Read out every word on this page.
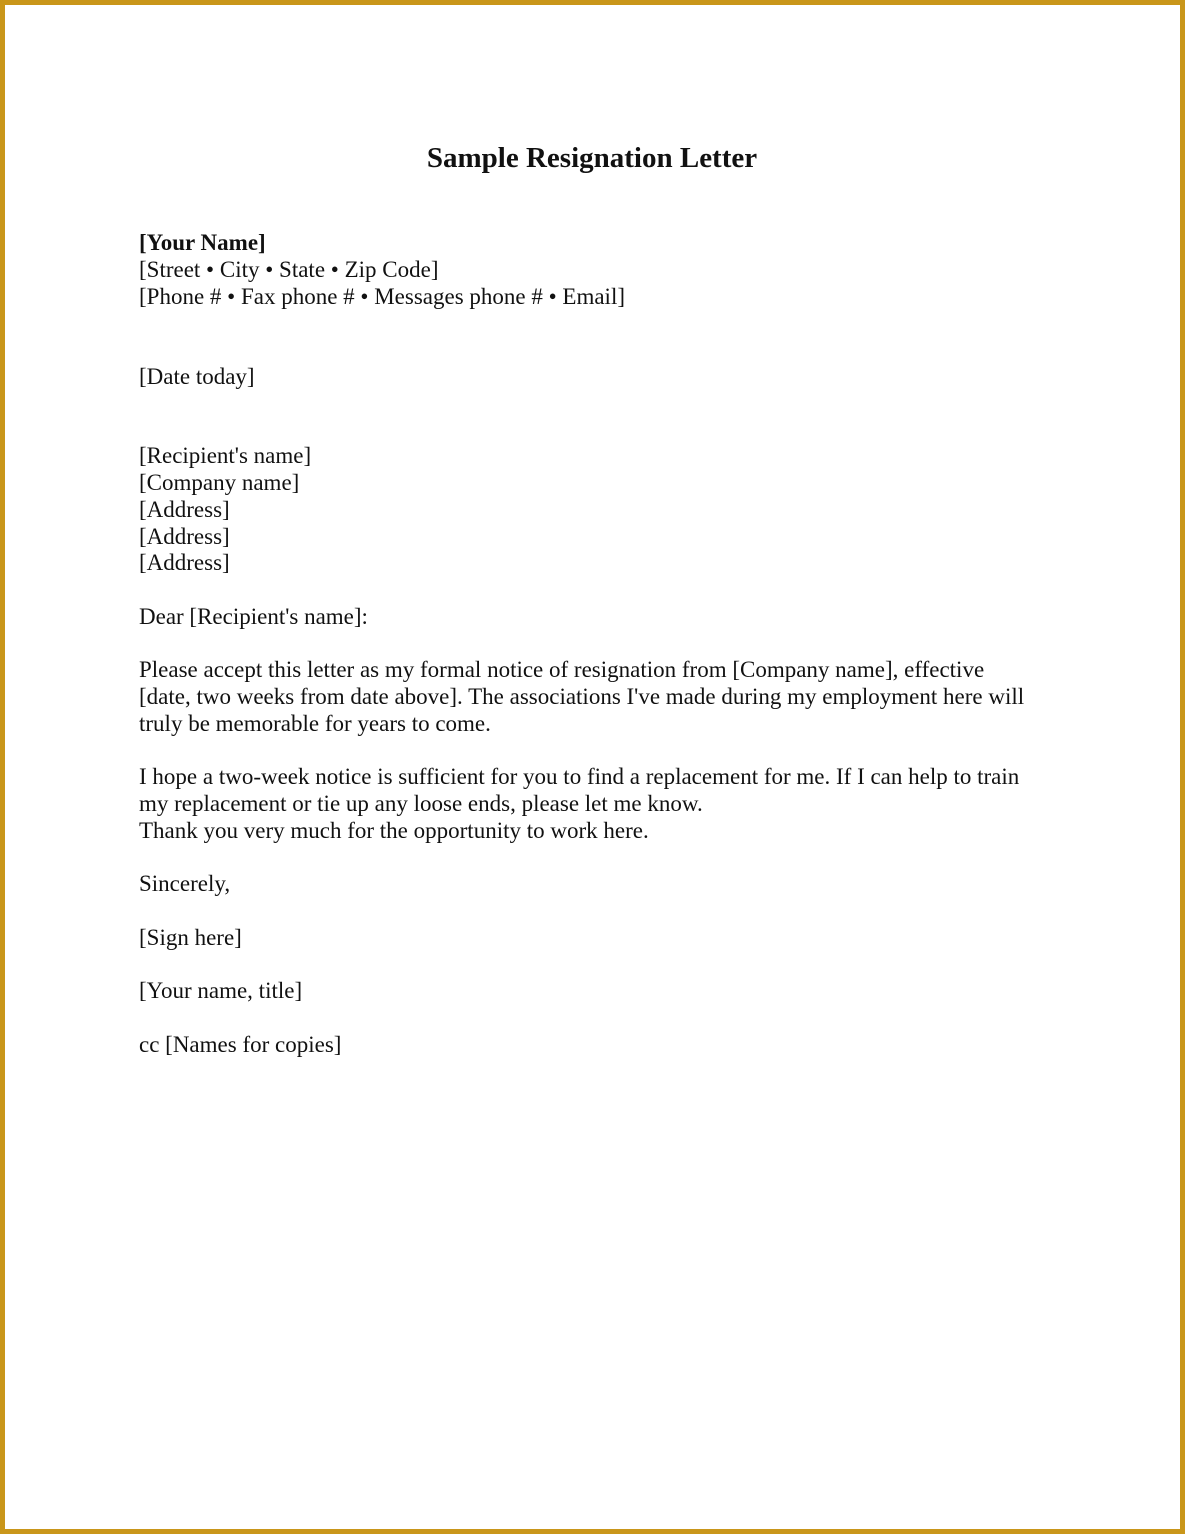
Sample Resignation Letter

[Your Name]

[Street • City • State • Zip Code]

[Phone # • Fax phone # • Messages phone # • Email]

[Date today]

[Recipient's name]

[Company name]

[Address]

[Address]

[Address]

Dear [Recipient's name]:

Please accept this letter as my formal notice of resignation from [Company name], effective

[date, two weeks from date above]. The associations I've made during my employment here will

truly be memorable for years to come.

I hope a two-week notice is sufficient for you to find a replacement for me. If I can help to train

my replacement or tie up any loose ends, please let me know.

Thank you very much for the opportunity to work here.

Sincerely,

[Sign here]

[Your name, title]

cc [Names for copies]
